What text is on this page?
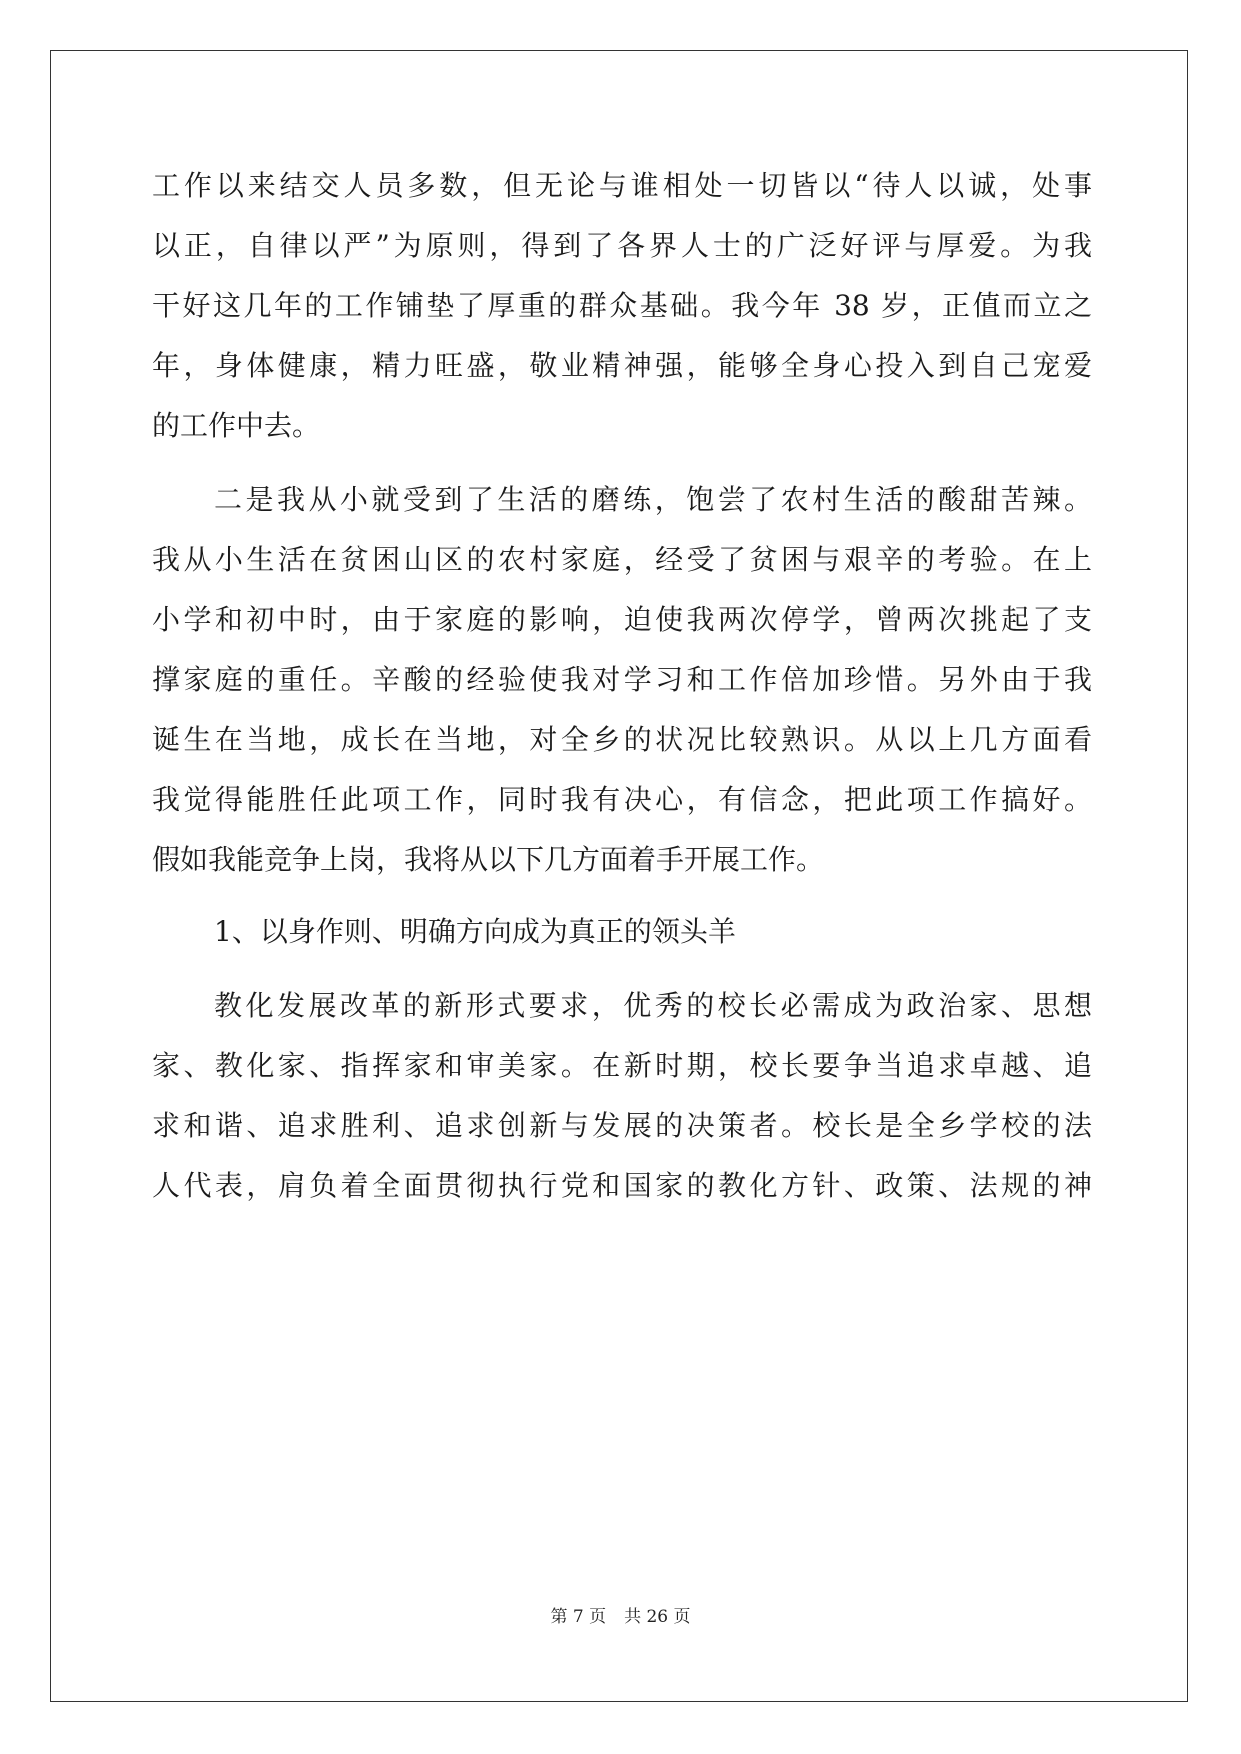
工作以来结交人员多数，但无论与谁相处一切皆以“待人以诚，处事
以正，自律以严”为原则，得到了各界人士的广泛好评与厚爱。为我
干好这几年的工作铺垫了厚重的群众基础。我今年 38 岁，正值而立之
年，身体健康，精力旺盛，敬业精神强，能够全身心投入到自己宠爱
的工作中去。
二是我从小就受到了生活的磨练，饱尝了农村生活的酸甜苦辣。
我从小生活在贫困山区的农村家庭，经受了贫困与艰辛的考验。在上
小学和初中时，由于家庭的影响，迫使我两次停学，曾两次挑起了支
撑家庭的重任。辛酸的经验使我对学习和工作倍加珍惜。另外由于我
诞生在当地，成长在当地，对全乡的状况比较熟识。从以上几方面看
我觉得能胜任此项工作，同时我有决心，有信念，把此项工作搞好。
假如我能竞争上岗，我将从以下几方面着手开展工作。
1、以身作则、明确方向成为真正的领头羊
教化发展改革的新形式要求，优秀的校长必需成为政治家、思想
家、教化家、指挥家和审美家。在新时期，校长要争当追求卓越、追
求和谐、追求胜利、追求创新与发展的决策者。校长是全乡学校的法
人代表，肩负着全面贯彻执行党和国家的教化方针、政策、法规的神
第 7 页 共 26 页
